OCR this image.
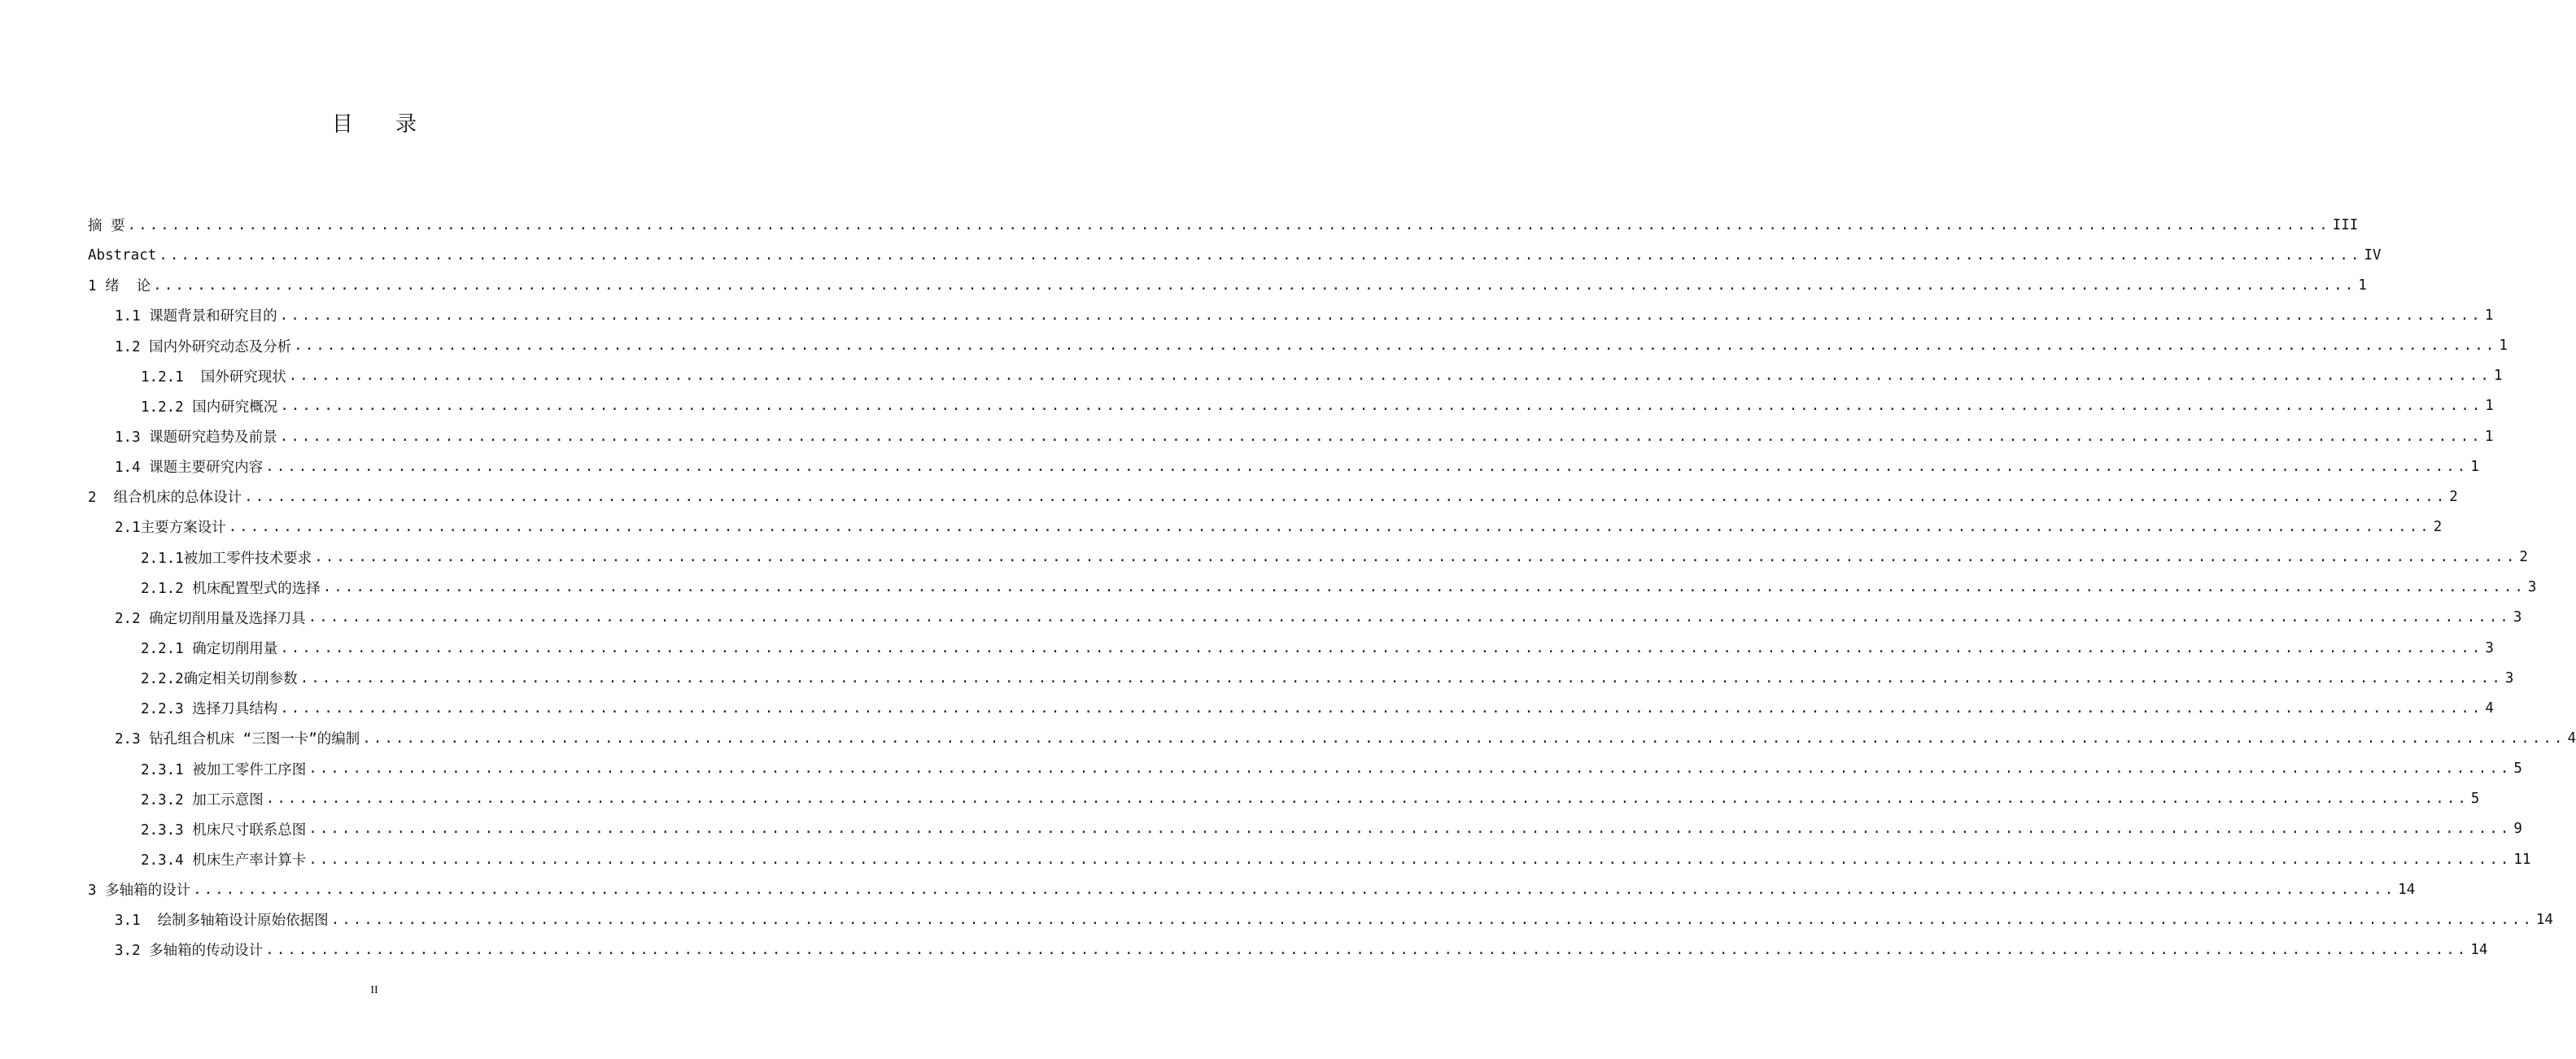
目 录
摘 要 ........................................................................................................................................................................................................ III
Abstract ........................................................................................................................................................................................................ IV
1 绪  论 ........................................................................................................................................................................................................ 1
1.1 课题背景和研究目的 ........................................................................................................................................................................................................ 1
1.2 国内外研究动态及分析 ........................................................................................................................................................................................................ 1
1.2.1  国外研究现状 ........................................................................................................................................................................................................ 1
1.2.2 国内研究概况 ........................................................................................................................................................................................................ 1
1.3 课题研究趋势及前景 ........................................................................................................................................................................................................ 1
1.4 课题主要研究内容 ........................................................................................................................................................................................................ 1
2  组合机床的总体设计 ........................................................................................................................................................................................................ 2
2.1主要方案设计 ........................................................................................................................................................................................................ 2
2.1.1被加工零件技术要求 ........................................................................................................................................................................................................ 2
2.1.2 机床配置型式的选择 ........................................................................................................................................................................................................ 3
2.2 确定切削用量及选择刀具 ........................................................................................................................................................................................................ 3
2.2.1 确定切削用量 ........................................................................................................................................................................................................ 3
2.2.2确定相关切削参数 ........................................................................................................................................................................................................ 3
2.2.3 选择刀具结构 ........................................................................................................................................................................................................ 4
2.3 钻孔组合机床 “三图一卡”的编制 ........................................................................................................................................................................................................ 4
2.3.1 被加工零件工序图 ........................................................................................................................................................................................................ 5
2.3.2 加工示意图 ........................................................................................................................................................................................................ 5
2.3.3 机床尺寸联系总图 ........................................................................................................................................................................................................ 9
2.3.4 机床生产率计算卡 ........................................................................................................................................................................................................ 11
3 多轴箱的设计 ........................................................................................................................................................................................................ 14
3.1  绘制多轴箱设计原始依据图 ........................................................................................................................................................................................................ 14
3.2 多轴箱的传动设计 ........................................................................................................................................................................................................ 14
II
